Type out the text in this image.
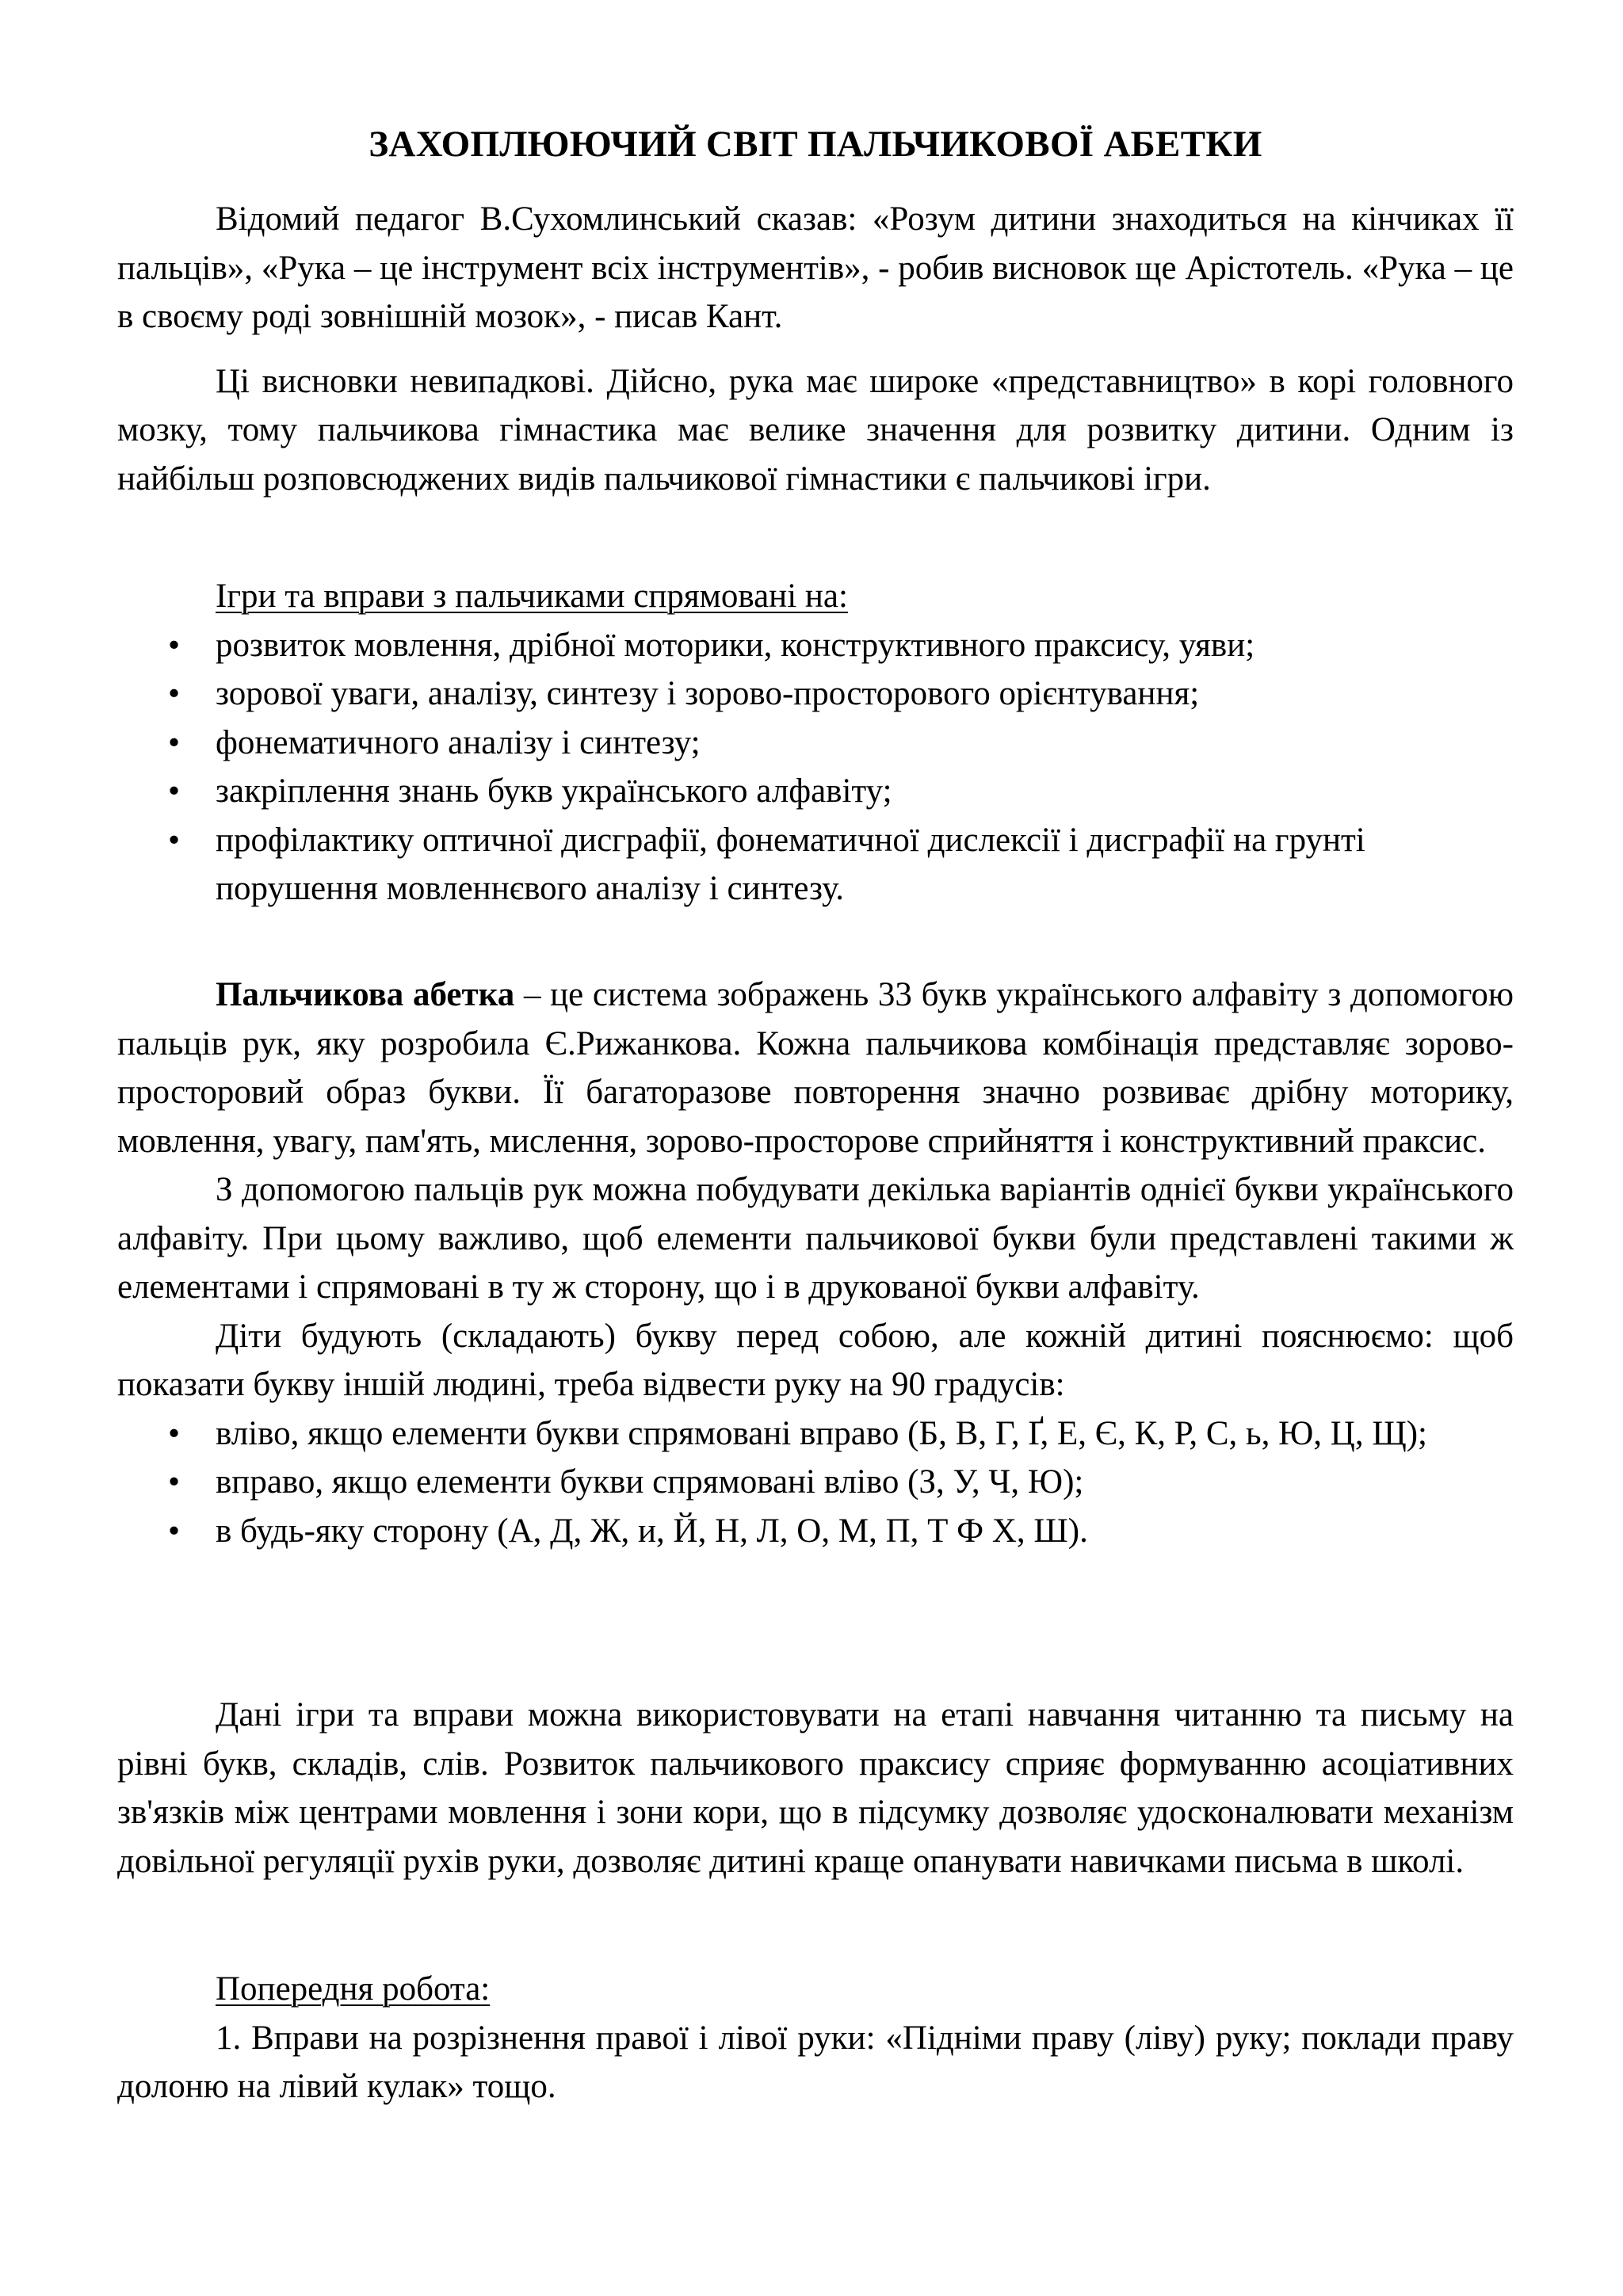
ЗАХОПЛЮЮЧИЙ СВІТ ПАЛЬЧИКОВОЇ АБЕТКИ

Відомий педагог В.Сухомлинський сказав: «Розум дитини знаходиться на кінчиках її пальців», «Рука – це інструмент всіх інструментів», - робив висновок ще Арістотель. «Рука – це в своєму роді зовнішній мозок», - писав Кант.

Ці висновки невипадкові. Дійсно, рука має широке «представництво» в корі головного мозку, тому пальчикова гімнастика має велике значення для розвитку дитини. Одним із найбільш розповсюджених видів пальчикової гімнастики є пальчикові ігри.

Ігри та вправи з пальчиками спрямовані на:

• розвиток мовлення, дрібної моторики, конструктивного праксису, уяви;
• зорової уваги, аналізу, синтезу і зорово-просторового орієнтування;
• фонематичного аналізу і синтезу;
• закріплення знань букв українського алфавіту;
• профілактику оптичної дисграфії, фонематичної дислексії і дисграфії на грунті порушення мовленнєвого аналізу і синтезу.

Пальчикова абетка – це система зображень 33 букв українського алфавіту з допомогою пальців рук, яку розробила Є.Рижанкова. Кожна пальчикова комбінація представляє зорово-просторовий образ букви. Її багаторазове повторення значно розвиває дрібну моторику, мовлення, увагу, пам'ять, мислення, зорово-просторове сприйняття і конструктивний праксис.

З допомогою пальців рук можна побудувати декілька варіантів однієї букви українського алфавіту. При цьому важливо, щоб елементи пальчикової букви були представлені такими ж елементами і спрямовані в ту ж сторону, що і в друкованої букви алфавіту.

Діти будують (складають) букву перед собою, але кожній дитині пояснюємо: щоб показати букву іншій людині, треба відвести руку на 90 градусів:

• вліво, якщо елементи букви спрямовані вправо (Б, В, Г, Ґ, Е, Є, К, Р, С, ь, Ю, Ц, Щ);
• вправо, якщо елементи букви спрямовані вліво (З, У, Ч, Ю);
• в будь-яку сторону (А, Д, Ж, и, Й, Н, Л, О, М, П, Т Ф Х, Ш).

Дані ігри та вправи можна використовувати на етапі навчання читанню та письму на рівні букв, складів, слів. Розвиток пальчикового праксису сприяє формуванню асоціативних зв'язків між центрами мовлення і зони кори, що в підсумку дозволяє удосконалювати механізм довільної регуляції рухів руки, дозволяє дитині краще опанувати навичками письма в школі.

Попередня робота:

1. Вправи на розрізнення правої і лівої руки: «Підніми праву (ліву) руку; поклади праву долоню на лівий кулак» тощо.
